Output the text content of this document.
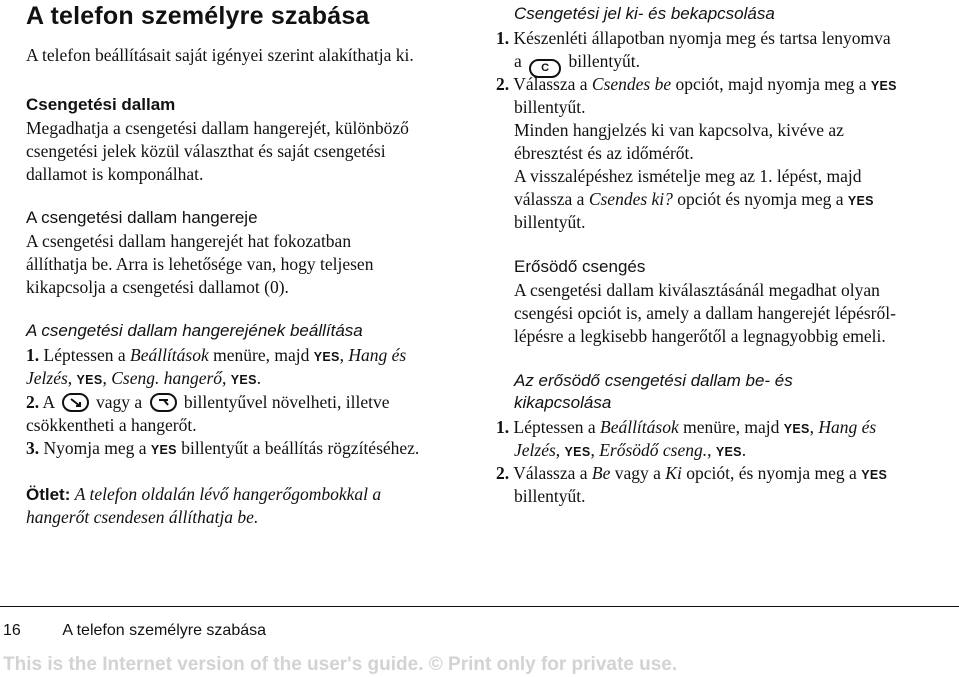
A telefon személyre szabása
A telefon beállításait saját igényei szerint alakíthatja ki.
Csengetési dallam
Megadhatja a csengetési dallam hangerejét, különböző
csengetési jelek közül választhat és saját csengetési
dallamot is komponálhat.
A csengetési dallam hangereje
A csengetési dallam hangerejét hat fokozatban
állíthatja be. Arra is lehetősége van, hogy teljesen
kikapcsolja a csengetési dallamot (0).
A csengetési dallam hangerejének beállítása
1. Léptessen a Beállítások menüre, majd YES, Hang és
Jelzés, YES, Cseng. hangerő, YES.
2. A vagy a billentyűvel növelheti, illetve
csökkentheti a hangerőt.
3. Nyomja meg a YES billentyűt a beállítás rögzítéséhez.
Ötlet: A telefon oldalán lévő hangerőgombokkal a
hangerőt csendesen állíthatja be.
Csengetési jel ki- és bekapcsolása
1. Készenléti állapotban nyomja meg és tartsa lenyomva
a C billentyűt.
2. Válassza a Csendes be opciót, majd nyomja meg a YES
billentyűt.
Minden hangjelzés ki van kapcsolva, kivéve az
ébresztést és az időmérőt.
A visszalépéshez ismételje meg az 1. lépést, majd
válassza a Csendes ki? opciót és nyomja meg a YES
billentyűt.
Erősödő csengés
A csengetési dallam kiválasztásánál megadhat olyan
csengési opciót is, amely a dallam hangerejét lépésről-
lépésre a legkisebb hangerőtől a legnagyobbig emeli.
Az erősödő csengetési dallam be- és
kikapcsolása
1. Léptessen a Beállítások menüre, majd YES, Hang és
Jelzés, YES, Erősödő cseng., YES.
2. Válassza a Be vagy a Ki opciót, és nyomja meg a YES
billentyűt.
16	A telefon személyre szabása
This is the Internet version of the user's guide. © Print only for private use.
